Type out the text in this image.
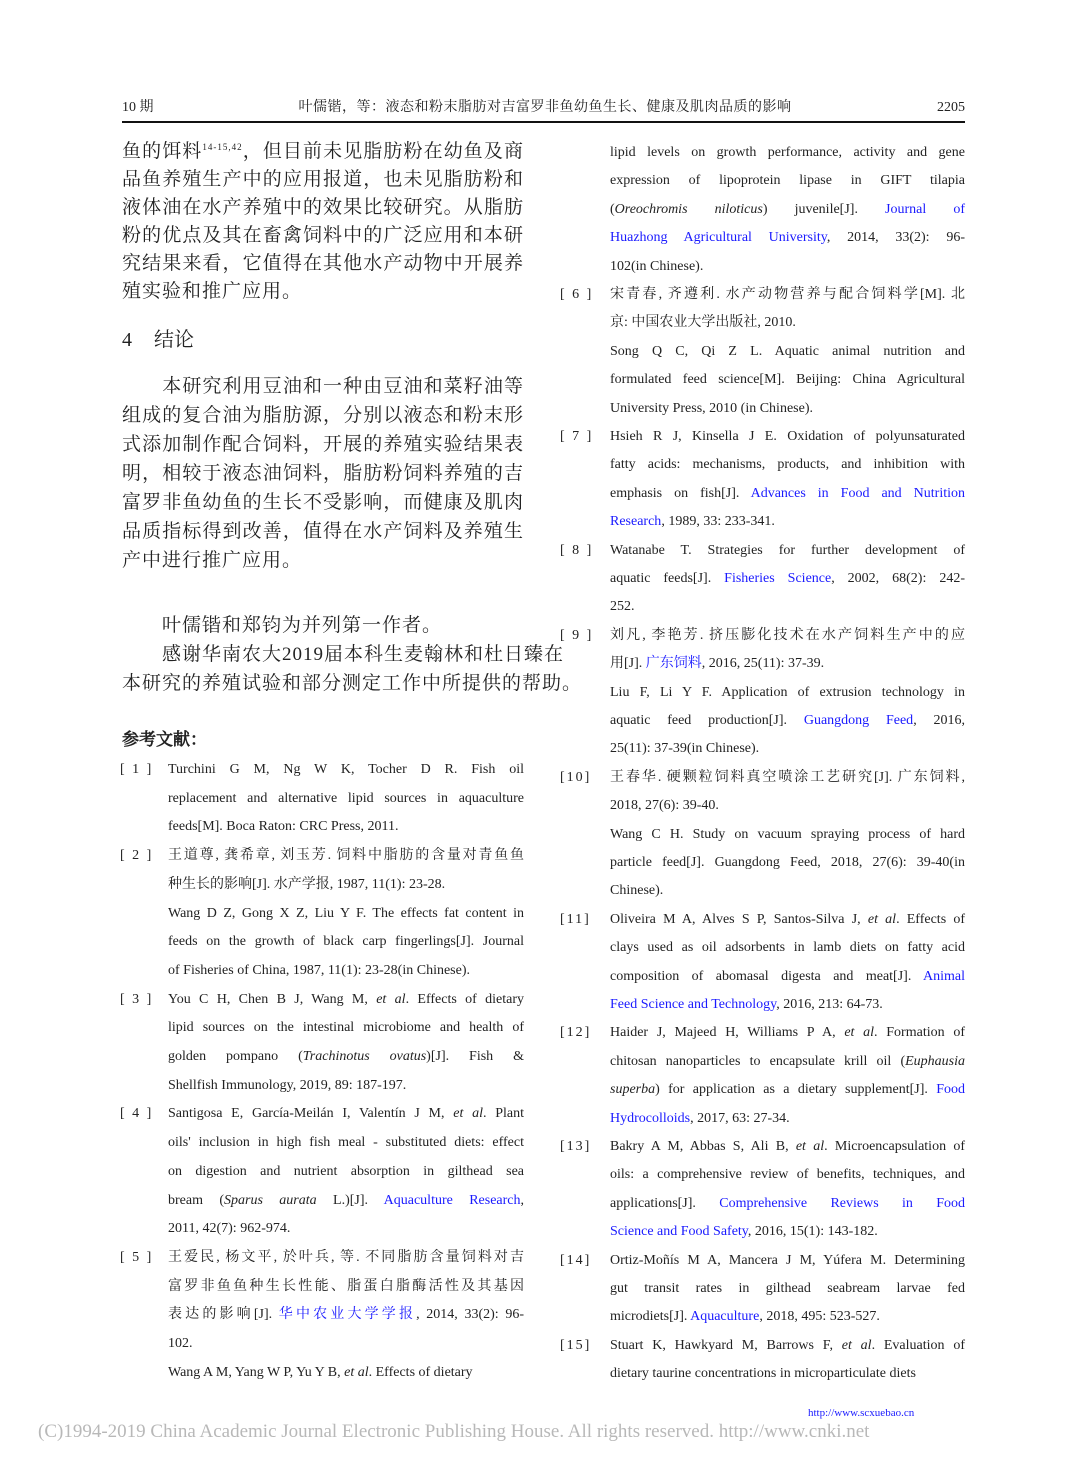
10 期	叶儒锴，等：液态和粉末脂肪对吉富罗非鱼幼鱼生长、健康及肌肉品质的影响	2205
鱼的饵料$^{14-15,42}$，但目前未见脂肪粉在幼鱼及商
品鱼养殖生产中的应用报道，也未见脂肪粉和
液体油在水产养殖中的效果比较研究。从脂肪
粉的优点及其在畜禽饲料中的广泛应用和本研
究结果来看，它值得在其他水产动物中开展养
殖实验和推广应用。
　　本研究利用豆油和一种由豆油和菜籽油等
组成的复合油为脂肪源，分别以液态和粉末形
式添加制作配合饲料，开展的养殖实验结果表
明，相较于液态油饲料，脂肪粉饲料养殖的吉
富罗非鱼幼鱼的生长不受影响，而健康及肌肉
品质指标得到改善，值得在水产饲料及养殖生
产中进行推广应用。
　　叶儒锴和郑钧为并列第一作者。
　　感谢华南农大2019届本科生麦翰林和杜日臻在
本研究的养殖试验和部分测定工作中所提供的帮助。
4 结论
参考文献：
[ 1 ] Turchini G M, Ng W K, Tocher D R. Fish oil
replacement and alternative lipid sources in aquaculture
feeds[M]. Boca Raton: CRC Press, 2011.
[ 2 ] 王道尊, 龚希章, 刘玉芳. 饲料中脂肪的含量对青鱼鱼
种生长的影响[J]. 水产学报, 1987, 11(1): 23-28.
Wang D Z, Gong X Z, Liu Y F. The effects fat content in
feeds on the growth of black carp fingerlings[J]. Journal
of Fisheries of China, 1987, 11(1): 23-28(in Chinese).
[ 3 ] You C H, Chen B J, Wang M, et al. Effects of dietary
lipid sources on the intestinal microbiome and health of
golden pompano (Trachinotus ovatus)[J]. Fish &
Shellfish Immunology, 2019, 89: 187-197.
[ 4 ] Santigosa E, García-Meilán I, Valentín J M, et al. Plant
oils' inclusion in high fish meal - substituted diets: effect
on digestion and nutrient absorption in gilthead sea
bream (Sparus aurata L.)[J]. Aquaculture Research,
2011, 42(7): 962-974.
[ 5 ] 王爱民, 杨文平, 於叶兵, 等. 不同脂肪含量饲料对吉
富罗非鱼鱼种生长性能、脂蛋白脂酶活性及其基因
表达的影响[J]. 华中农业大学学报, 2014, 33(2): 96-
102.
Wang A M, Yang W P, Yu Y B, et al. Effects of dietary
lipid levels on growth performance, activity and gene
expression of lipoprotein lipase in GIFT tilapia
(Oreochromis niloticus) juvenile[J]. Journal of
Huazhong Agricultural University, 2014, 33(2): 96-
102(in Chinese).
[ 6 ] 宋青春, 齐遵利. 水产动物营养与配合饲料学[M]. 北
京: 中国农业大学出版社, 2010.
Song Q C, Qi Z L. Aquatic animal nutrition and
formulated feed science[M]. Beijing: China Agricultural
University Press, 2010 (in Chinese).
[ 7 ] Hsieh R J, Kinsella J E. Oxidation of polyunsaturated
fatty acids: mechanisms, products, and inhibition with
emphasis on fish[J]. Advances in Food and Nutrition
Research, 1989, 33: 233-341.
[ 8 ] Watanabe T. Strategies for further development of
aquatic feeds[J]. Fisheries Science, 2002, 68(2): 242-
252.
[ 9 ] 刘凡, 李艳芳. 挤压膨化技术在水产饲料生产中的应
用[J]. 广东饲料, 2016, 25(11): 37-39.
Liu F, Li Y F. Application of extrusion technology in
aquatic feed production[J]. Guangdong Feed, 2016,
25(11): 37-39(in Chinese).
[10] 王春华. 硬颗粒饲料真空喷涂工艺研究[J]. 广东饲料,
2018, 27(6): 39-40.
Wang C H. Study on vacuum spraying process of hard
particle feed[J]. Guangdong Feed, 2018, 27(6): 39-40(in
Chinese).
[11] Oliveira M A, Alves S P, Santos-Silva J, et al. Effects of
clays used as oil adsorbents in lamb diets on fatty acid
composition of abomasal digesta and meat[J]. Animal
Feed Science and Technology, 2016, 213: 64-73.
[12] Haider J, Majeed H, Williams P A, et al. Formation of
chitosan nanoparticles to encapsulate krill oil (Euphausia
superba) for application as a dietary supplement[J]. Food
Hydrocolloids, 2017, 63: 27-34.
[13] Bakry A M, Abbas S, Ali B, et al. Microencapsulation of
oils: a comprehensive review of benefits, techniques, and
applications[J]. Comprehensive Reviews in Food
Science and Food Safety, 2016, 15(1): 143-182.
[14] Ortiz-Moñís M A, Mancera J M, Yúfera M. Determining
gut transit rates in gilthead seabream larvae fed
microdiets[J]. Aquaculture, 2018, 495: 523-527.
[15] Stuart K, Hawkyard M, Barrows F, et al. Evaluation of
dietary taurine concentrations in microparticulate diets
http://www.scxuebao.cn
(C)1994-2019 China Academic Journal Electronic Publishing House. All rights reserved. http://www.cnki.net
